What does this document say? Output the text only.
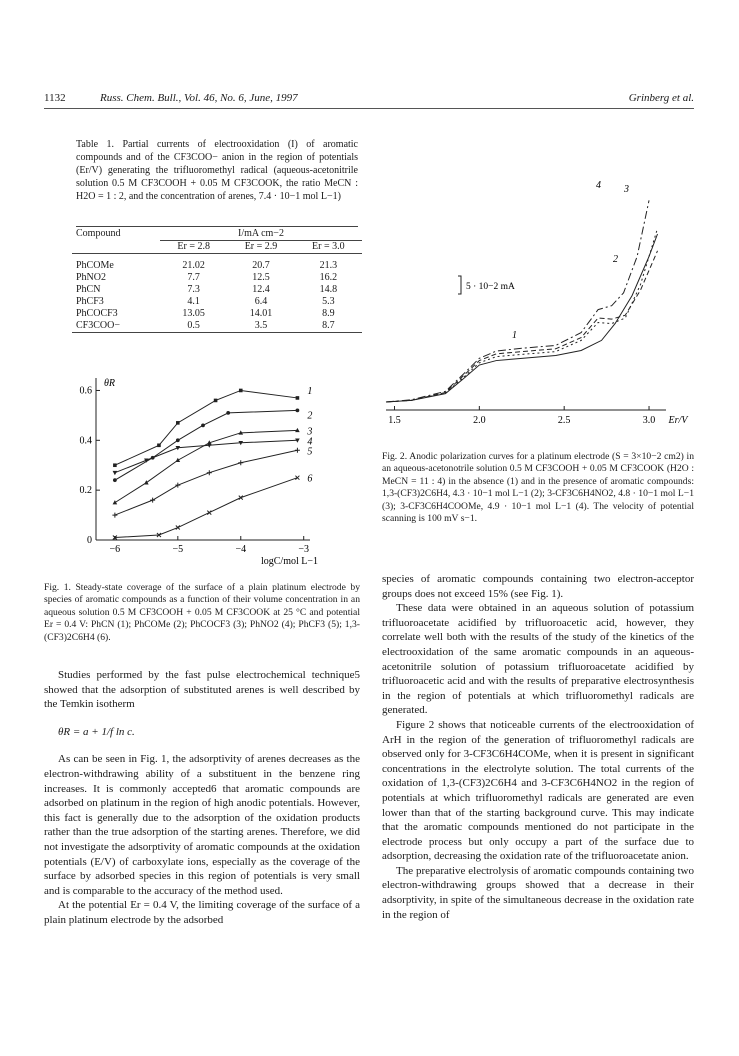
1132	Russ. Chem. Bull., Vol. 46, No. 6, June, 1997	Grinberg et al.
Table 1. Partial currents of electrooxidation (I) of aromatic compounds and of the CF3COO− anion in the region of potentials (Er/V) generating the trifluoromethyl radical (aqueous-acetonitrile solution 0.5 M CF3COOH + 0.05 M CF3COOK, the ratio MeCN : H2O = 1 : 2, and the concentration of arenes, 7.4 · 10−1 mol L−1)
Compound	I/mA cm−2		
	Er = 2.8	Er = 2.9	Er = 3.0

PhCOMe	21.02	20.7	21.3
PhNO2	7.7	12.5	16.2
PhCN	7.3	12.4	14.8
PhCF3	4.1	6.4	5.3
PhCOCF3	13.05	14.01	8.9
CF3COO−	0.5	3.5	8.7
0
0.2
0.4
0.6
−6	−5	−4	−3
θR
logC/mol L−1
1
2
3
4
5
6
Fig. 1. Steady-state coverage of the surface of a plain platinum electrode by species of aromatic compounds as a function of their volume concentration in an aqueous solution 0.5 M CF3COOH + 0.05 M CF3COOK at 25 °C and potential Er = 0.4 V: PhCN (1); PhCOMe (2); PhCOCF3 (3); PhNO2 (4); PhCF3 (5); 1,3-(CF3)2C6H4 (6).
1.5	2.0	2.5	3.0 Er/V
5 · 10−2 mA
1
2
3
4
Fig. 2. Anodic polarization curves for a platinum electrode (S = 3×10−2 cm2) in an aqueous-acetonotrile solution 0.5 M CF3COOH + 0.05 M CF3COOK (H2O : MeCN = 11 : 4) in the absence (1) and in the presence of aromatic compounds: 1,3-(CF3)2C6H4, 4.3 · 10−1 mol L−1 (2); 3-CF3C6H4NO2, 4.8 · 10−1 mol L−1 (3); 3-CF3C6H4COOMe, 4.9 · 10−1 mol L−1 (4). The velocity of potential scanning is 100 mV s−1.

Studies performed by the fast pulse electrochemical technique5 showed that the adsorption of substituted arenes is well described by the Temkin isotherm

θR = a + 1/f ln c.

As can be seen in Fig. 1, the adsorptivity of arenes decreases as the electron-withdrawing ability of a substituent in the benzene ring increases. It is commonly accepted6 that aromatic compounds are adsorbed on platinum in the region of high anodic potentials. However, this fact is generally due to the adsorption of the oxidation products rather than the true adsorption of the starting arenes. Therefore, we did not investigate the adsorptivity of aromatic compounds at the oxidation potentials (E/V) of carboxylate ions, especially as the coverage of the surface by adsorbed species in this region of potentials is very small and is comparable to the accuracy of the method used.

At the potential Er = 0.4 V, the limiting coverage of the surface of a plain platinum electrode by the adsorbed

species of aromatic compounds containing two electron-acceptor groups does not exceed 15% (see Fig. 1).

These data were obtained in an aqueous solution of potassium trifluoroacetate acidified by trifluoroacetic acid, however, they correlate well both with the results of the study of the kinetics of the electrooxidation of the same aromatic compounds in an aqueous-acetonitrile solution of potassium trifluoroacetate acidified by trifluoroacetic acid and with the results of preparative electrosynthesis in the region of potentials at which trifluoromethyl radicals are generated.

Figure 2 shows that noticeable currents of the electrooxidation of ArH in the region of the generation of trifluoromethyl radicals are observed only for 3-CF3C6H4COMe, when it is present in significant concentrations in the electrolyte solution. The total currents of the oxidation of 1,3-(CF3)2C6H4 and 3-CF3C6H4NO2 in the region of potentials at which trifluoromethyl radicals are generated are even lower than that of the starting background curve. This may indicate that the aromatic compounds mentioned do not participate in the electrode process but only occupy a part of the surface due to adsorption, decreasing the oxidation rate of the trifluoroacetate anion.

The preparative electrolysis of aromatic compounds containing two electron-withdrawing groups showed that a decrease in their adsorptivity, in spite of the simultaneous decrease in the oxidation rate in the region of
